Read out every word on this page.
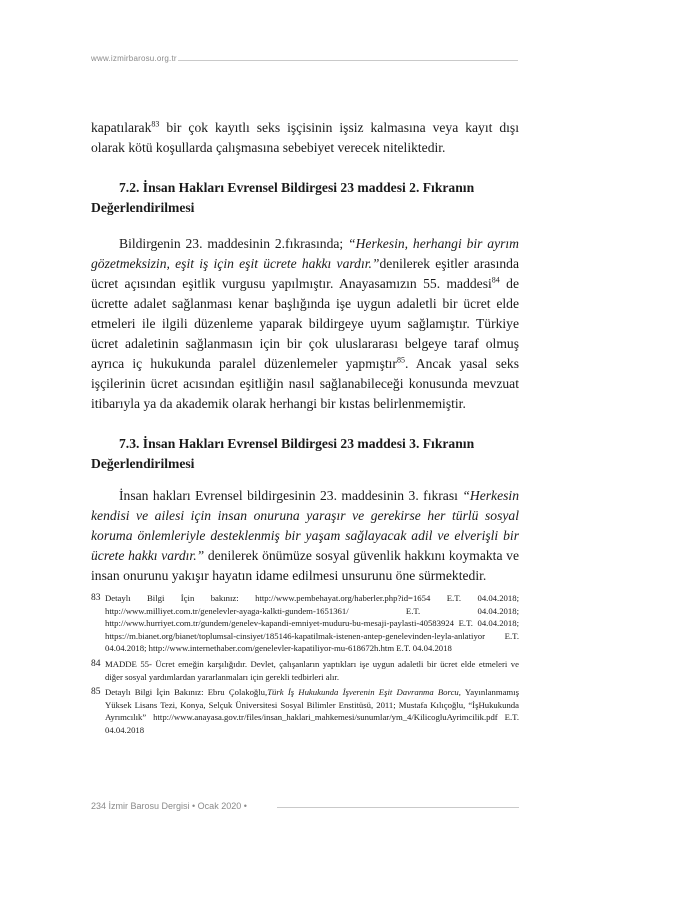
www.izmirbarosu.org.tr

kapatılarak$^{83}$ bir çok kayıtlı seks işçisinin işsiz kalmasına veya kayıt dışı olarak kötü koşullarda çalışmasına sebebiyet verecek niteliktedir.

7.2. İnsan Hakları Evrensel Bildirgesi 23 maddesi 2. Fıkranın Değerlendirilmesi

Bildirgenin 23. maddesinin 2.fıkrasında; “Herkesin, herhangi bir ayrım gözetmeksizin, eşit iş için eşit ücrete hakkı vardır.”denilerek eşitler arasında ücret açısından eşitlik vurgusu yapılmıştır. Anayasamızın 55. maddesi$^{84}$ de ücrette adalet sağlanması kenar başlığında işe uygun adaletli bir ücret elde etmeleri ile ilgili düzenleme yaparak bildirgeye uyum sağlamıştır. Türkiye ücret adaletinin sağlanmasın için bir çok uluslararası belgeye taraf olmuş ayrıca iç hukukunda paralel düzenlemeler yapmıştır$^{85}$. Ancak yasal seks işçilerinin ücret acısından eşitliğin nasıl sağlanabileceği konusunda mevzuat itibarıyla ya da akademik olarak herhangi bir kıstas belirlenmemiştir.

7.3. İnsan Hakları Evrensel Bildirgesi 23 maddesi 3. Fıkranın Değerlendirilmesi

İnsan hakları Evrensel bildirgesinin 23. maddesinin 3. fıkrası “Herkesin kendisi ve ailesi için insan onuruna yaraşır ve gerekirse her türlü sosyal koruma önlemleriyle desteklenmiş bir yaşam sağlayacak adil ve elverişli bir ücrete hakkı vardır.” denilerek önümüze sosyal güvenlik hakkını koymakta ve insan onurunu yakışır hayatın idame edilmesi unsurunu öne sürmektedir.

83 Detaylı Bilgi İçin bakınız: http://www.pembehayat.org/haberler.php?id=1654 E.T. 04.04.2018; http://www.milliyet.com.tr/genelevler-ayaga-kalkti-gundem-1651361/ E.T. 04.04.2018; http://www.hurriyet.com.tr/gundem/genelev-kapandi-emniyet-muduru-bu-mesaji-paylasti-40583924 E.T. 04.04.2018; https://m.bianet.org/bianet/toplumsal-cinsiyet/185146-kapatilmak-istenen-antep-genelevinden-leyla-anlatiyor E.T. 04.04.2018; http://www.internethaber.com/genelevler-kapatiliyor-mu-618672h.htm E.T. 04.04.2018
84 MADDE 55- Ücret emeğin karşılığıdır. Devlet, çalışanların yaptıkları işe uygun adaletli bir ücret elde etmeleri ve diğer sosyal yardımlardan yararlanmaları için gerekli tedbirleri alır.
85 Detaylı Bilgi İçin Bakınız: Ebru Çolakoğlu,Türk İş Hukukunda İşverenin Eşit Davranma Borcu, Yayınlanmamış Yüksek Lisans Tezi, Konya, Selçuk Üniversitesi Sosyal Bilimler Enstitüsü, 2011; Mustafa Kılıçoğlu, “İşHukukunda Ayrımcılık” http://www.anayasa.gov.tr/files/insan_haklari_mahkemesi/sunumlar/ym_4/KilicogluAyrimcilik.pdf E.T. 04.04.2018
234 İzmir Barosu Dergisi • Ocak 2020 •
